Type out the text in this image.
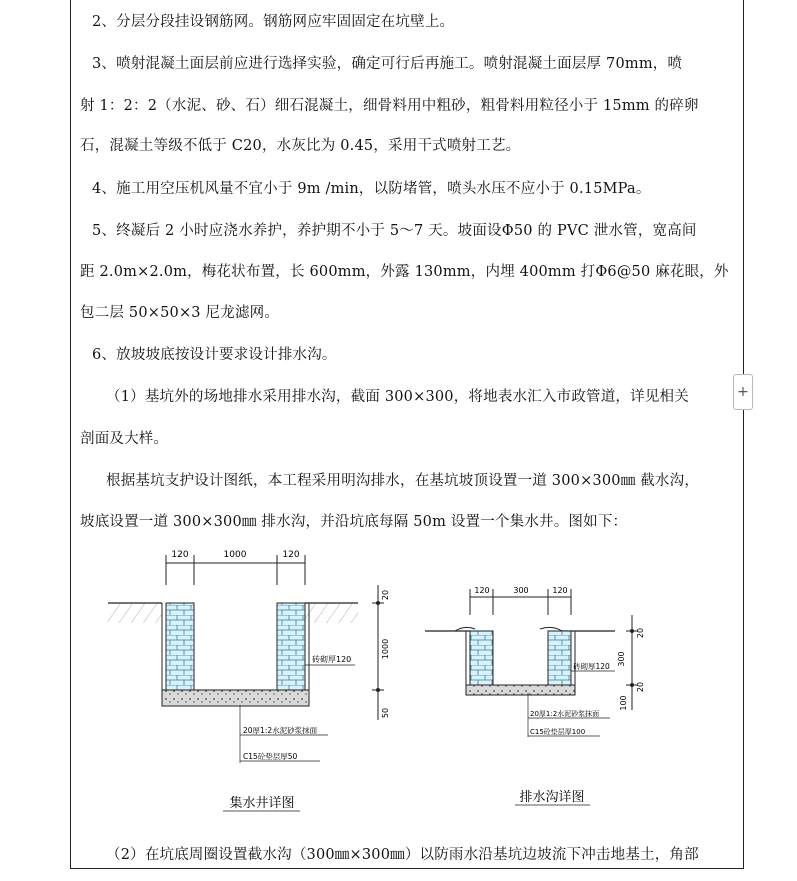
2、分层分段挂设钢筋网。钢筋网应牢固固定在坑壁上。
3、喷射混凝土面层前应进行选择实验，确定可行后再施工。喷射混凝土面层厚 70mm，喷
射 1：2：2（水泥、砂、石）细石混凝土，细骨料用中粗砂，粗骨料用粒径小于 15mm 的碎卵
石，混凝土等级不低于 C20，水灰比为 0.45，采用干式喷射工艺。
4、施工用空压机风量不宜小于 9m /min，以防堵管，喷头水压不应小于 0.15MPa。
5、终凝后 2 小时应浇水养护，养护期不小于 5～7 天。坡面设Φ50 的 PVC 泄水管，宽高间
距 2.0m×2.0m，梅花状布置，长 600mm，外露 130mm，内埋 400mm 打Φ6@50 麻花眼，外
包二层 50×50×3 尼龙滤网。
6、放坡坡底按设计要求设计排水沟。
（1）基坑外的场地排水采用排水沟，截面 300×300，将地表水汇入市政管道，详见相关
剖面及大样。
根据基坑支护设计图纸，本工程采用明沟排水，在基坑坡顶设置一道 300×300㎜ 截水沟，
坡底设置一道 300×300㎜ 排水沟，并沿坑底每隔 50m 设置一个集水井。图如下：
（2）在坑底周圈设置截水沟（300㎜×300㎜）以防雨水沿基坑边坡流下冲击地基土，角部
+
120	1000	120
20
1000
50
砖砌厚120
20厚1:2水泥砂浆抹面
C15砼垫层厚50
集水井详图
120	300	120
20
300
20
100
砖砌厚120
20厚1:2水泥砂浆抹面
C15砼垫层厚100
排水沟详图
